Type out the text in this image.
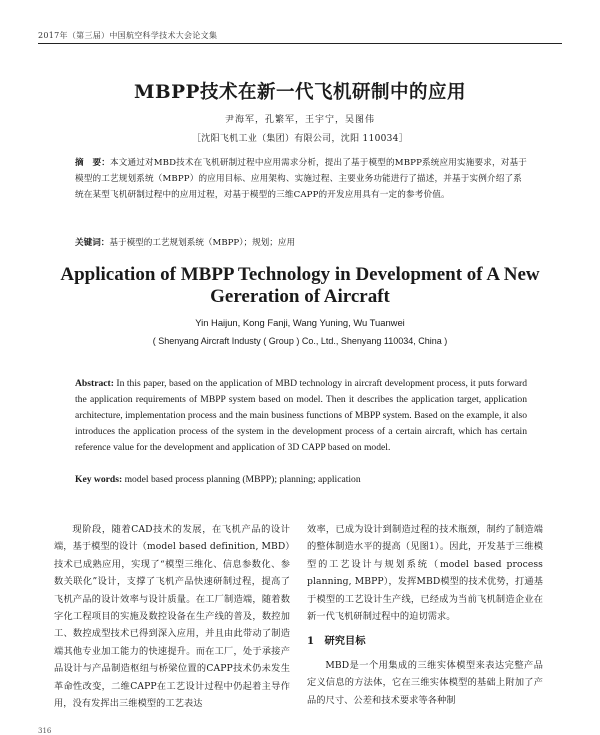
2017年（第三届）中国航空科学技术大会论文集
MBPP技术在新一代飞机研制中的应用
尹海军，孔繁军，王宇宁，吴图伟
［沈阳飞机工业（集团）有限公司，沈阳 110034］
摘　要：本文通过对MBD技术在飞机研制过程中应用需求分析，提出了基于模型的MBPP系统应用实施要求，对基于模型的工艺规划系统（MBPP）的应用目标、应用架构、实施过程、主要业务功能进行了描述，并基于实例介绍了系统在某型飞机研制过程中的应用过程，对基于模型的三维CAPP的开发应用具有一定的参考价值。
关键词：基于模型的工艺规划系统（MBPP）；规划；应用
Application of MBPP Technology in Development of A New Gereration of Aircraft
Yin Haijun, Kong Fanji, Wang Yuning, Wu Tuanwei
( Shenyang Aircraft Industy ( Group ) Co., Ltd., Shenyang 110034, China )
Abstract: In this paper, based on the application of MBD technology in aircraft development process, it puts forward the application requirements of MBPP system based on model. Then it describes the application target, application architecture, implementation process and the main business functions of MBPP system. Based on the example, it also introduces the application process of the system in the development process of a certain aircraft, which has certain reference value for the development and application of 3D CAPP based on model.
Key words: model based process planning (MBPP); planning; application

现阶段，随着CAD技术的发展，在飞机产品的设计端，基于模型的设计（model based definition, MBD）技术已成熟应用，实现了“模型三维化、信息参数化、参数关联化”设计，支撑了飞机产品快速研制过程，提高了飞机产品的设计效率与设计质量。在工厂制造端，随着数字化工程项目的实施及数控设备在生产线的普及，数控加工、数控成型技术已得到深入应用，并且由此带动了制造端其他专业加工能力的快速提升。而在工厂，处于承接产品设计与产品制造枢纽与桥梁位置的CAPP技术仍未发生革命性改变，二维CAPP在工艺设计过程中仍起着主导作用，没有发挥出三维模型的工艺表达

效率，已成为设计到制造过程的技术瓶颈，制约了制造端的整体制造水平的提高（见图1）。因此，开发基于三维模型的工艺设计与规划系统（model based process planning, MBPP），发挥MBD模型的技术优势，打通基于模型的工艺设计生产线，已经成为当前飞机制造企业在新一代飞机研制过程中的迫切需求。

1　研究目标

MBD是一个用集成的三维实体模型来表达完整产品定义信息的方法体，它在三维实体模型的基础上附加了产品的尺寸、公差和技术要求等各种制

316
